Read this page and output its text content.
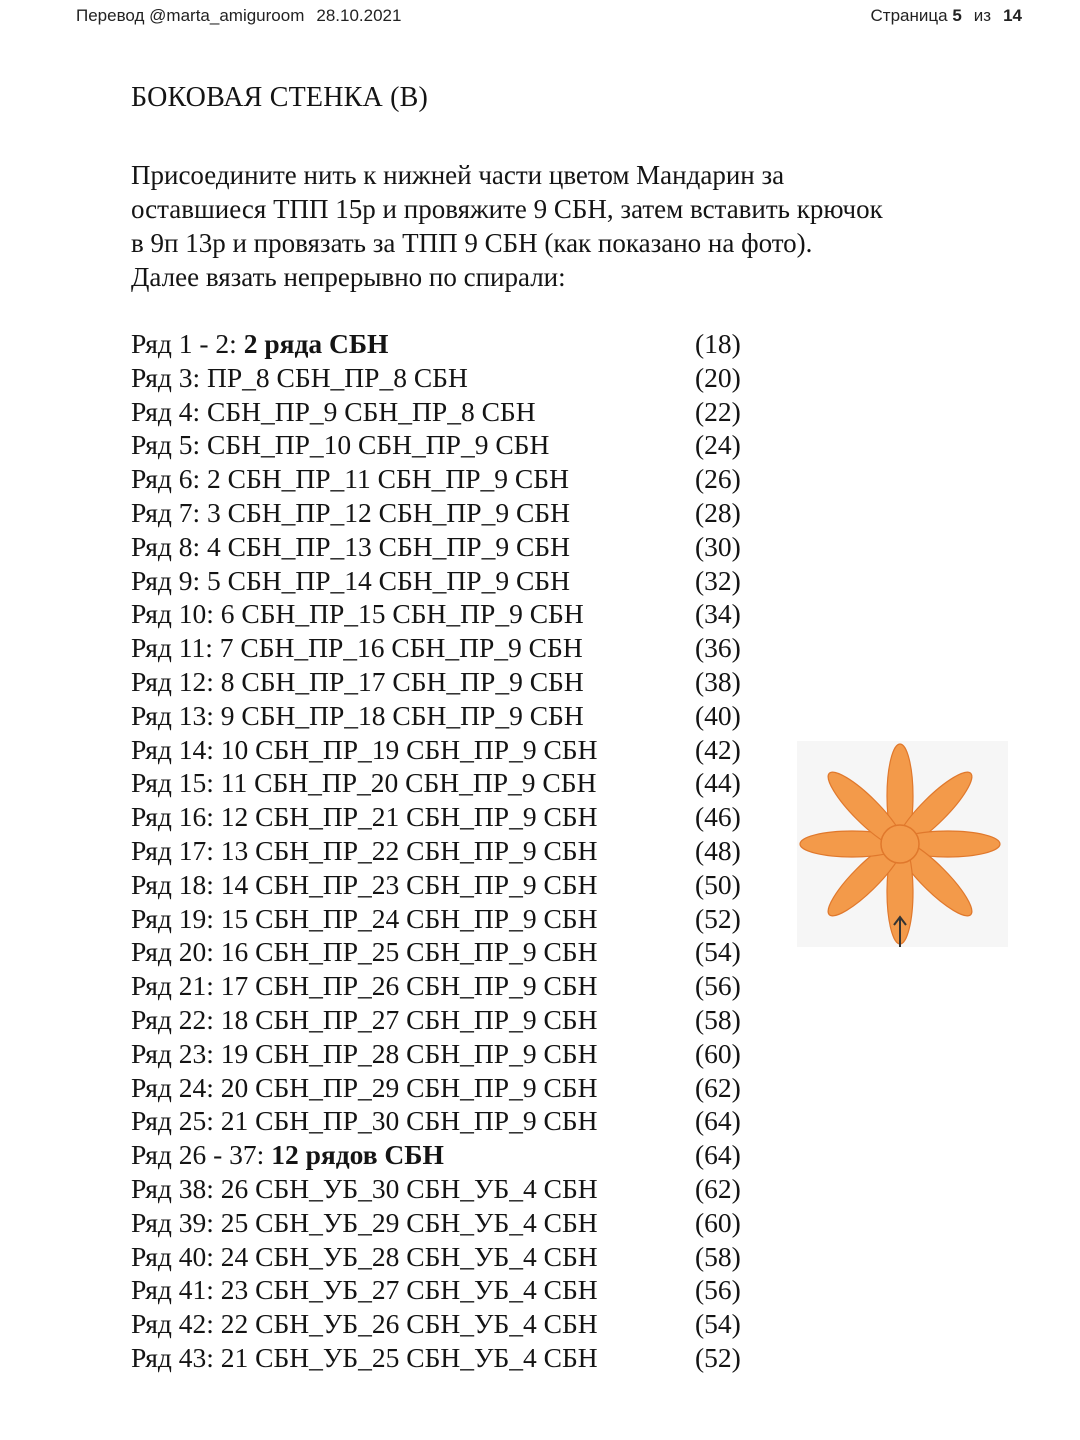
Перевод @marta_amiguroom 28.10.2021	Страница 5 из 14
БОКОВАЯ СТЕНКА (В)

Присоедините нить к нижней части цветом Мандарин за

оставшиеся ТПП 15р и провяжите 9 СБН, затем вставить крючок

в 9п 13р и провязать за ТПП 9 СБН (как показано на фото).

Далее вязать непрерывно по спирали:

Ряд 1 - 2: 2 ряда СБН	(18)
Ряд 3: ПР_8 СБН_ПР_8 СБН	(20)
Ряд 4: СБН_ПР_9 СБН_ПР_8 СБН	(22)
Ряд 5: СБН_ПР_10 СБН_ПР_9 СБН	(24)
Ряд 6: 2 СБН_ПР_11 СБН_ПР_9 СБН	(26)
Ряд 7: 3 СБН_ПР_12 СБН_ПР_9 СБН	(28)
Ряд 8: 4 СБН_ПР_13 СБН_ПР_9 СБН	(30)
Ряд 9: 5 СБН_ПР_14 СБН_ПР_9 СБН	(32)
Ряд 10: 6 СБН_ПР_15 СБН_ПР_9 СБН	(34)
Ряд 11: 7 СБН_ПР_16 СБН_ПР_9 СБН	(36)
Ряд 12: 8 СБН_ПР_17 СБН_ПР_9 СБН	(38)
Ряд 13: 9 СБН_ПР_18 СБН_ПР_9 СБН	(40)
Ряд 14: 10 СБН_ПР_19 СБН_ПР_9 СБН	(42)
Ряд 15: 11 СБН_ПР_20 СБН_ПР_9 СБН	(44)
Ряд 16: 12 СБН_ПР_21 СБН_ПР_9 СБН	(46)
Ряд 17: 13 СБН_ПР_22 СБН_ПР_9 СБН	(48)
Ряд 18: 14 СБН_ПР_23 СБН_ПР_9 СБН	(50)
Ряд 19: 15 СБН_ПР_24 СБН_ПР_9 СБН	(52)
Ряд 20: 16 СБН_ПР_25 СБН_ПР_9 СБН	(54)
Ряд 21: 17 СБН_ПР_26 СБН_ПР_9 СБН	(56)
Ряд 22: 18 СБН_ПР_27 СБН_ПР_9 СБН	(58)
Ряд 23: 19 СБН_ПР_28 СБН_ПР_9 СБН	(60)
Ряд 24: 20 СБН_ПР_29 СБН_ПР_9 СБН	(62)
Ряд 25: 21 СБН_ПР_30 СБН_ПР_9 СБН	(64)
Ряд 26 - 37: 12 рядов СБН	(64)
Ряд 38: 26 СБН_УБ_30 СБН_УБ_4 СБН	(62)
Ряд 39: 25 СБН_УБ_29 СБН_УБ_4 СБН	(60)
Ряд 40: 24 СБН_УБ_28 СБН_УБ_4 СБН	(58)
Ряд 41: 23 СБН_УБ_27 СБН_УБ_4 СБН	(56)
Ряд 42: 22 СБН_УБ_26 СБН_УБ_4 СБН	(54)
Ряд 43: 21 СБН_УБ_25 СБН_УБ_4 СБН	(52)
